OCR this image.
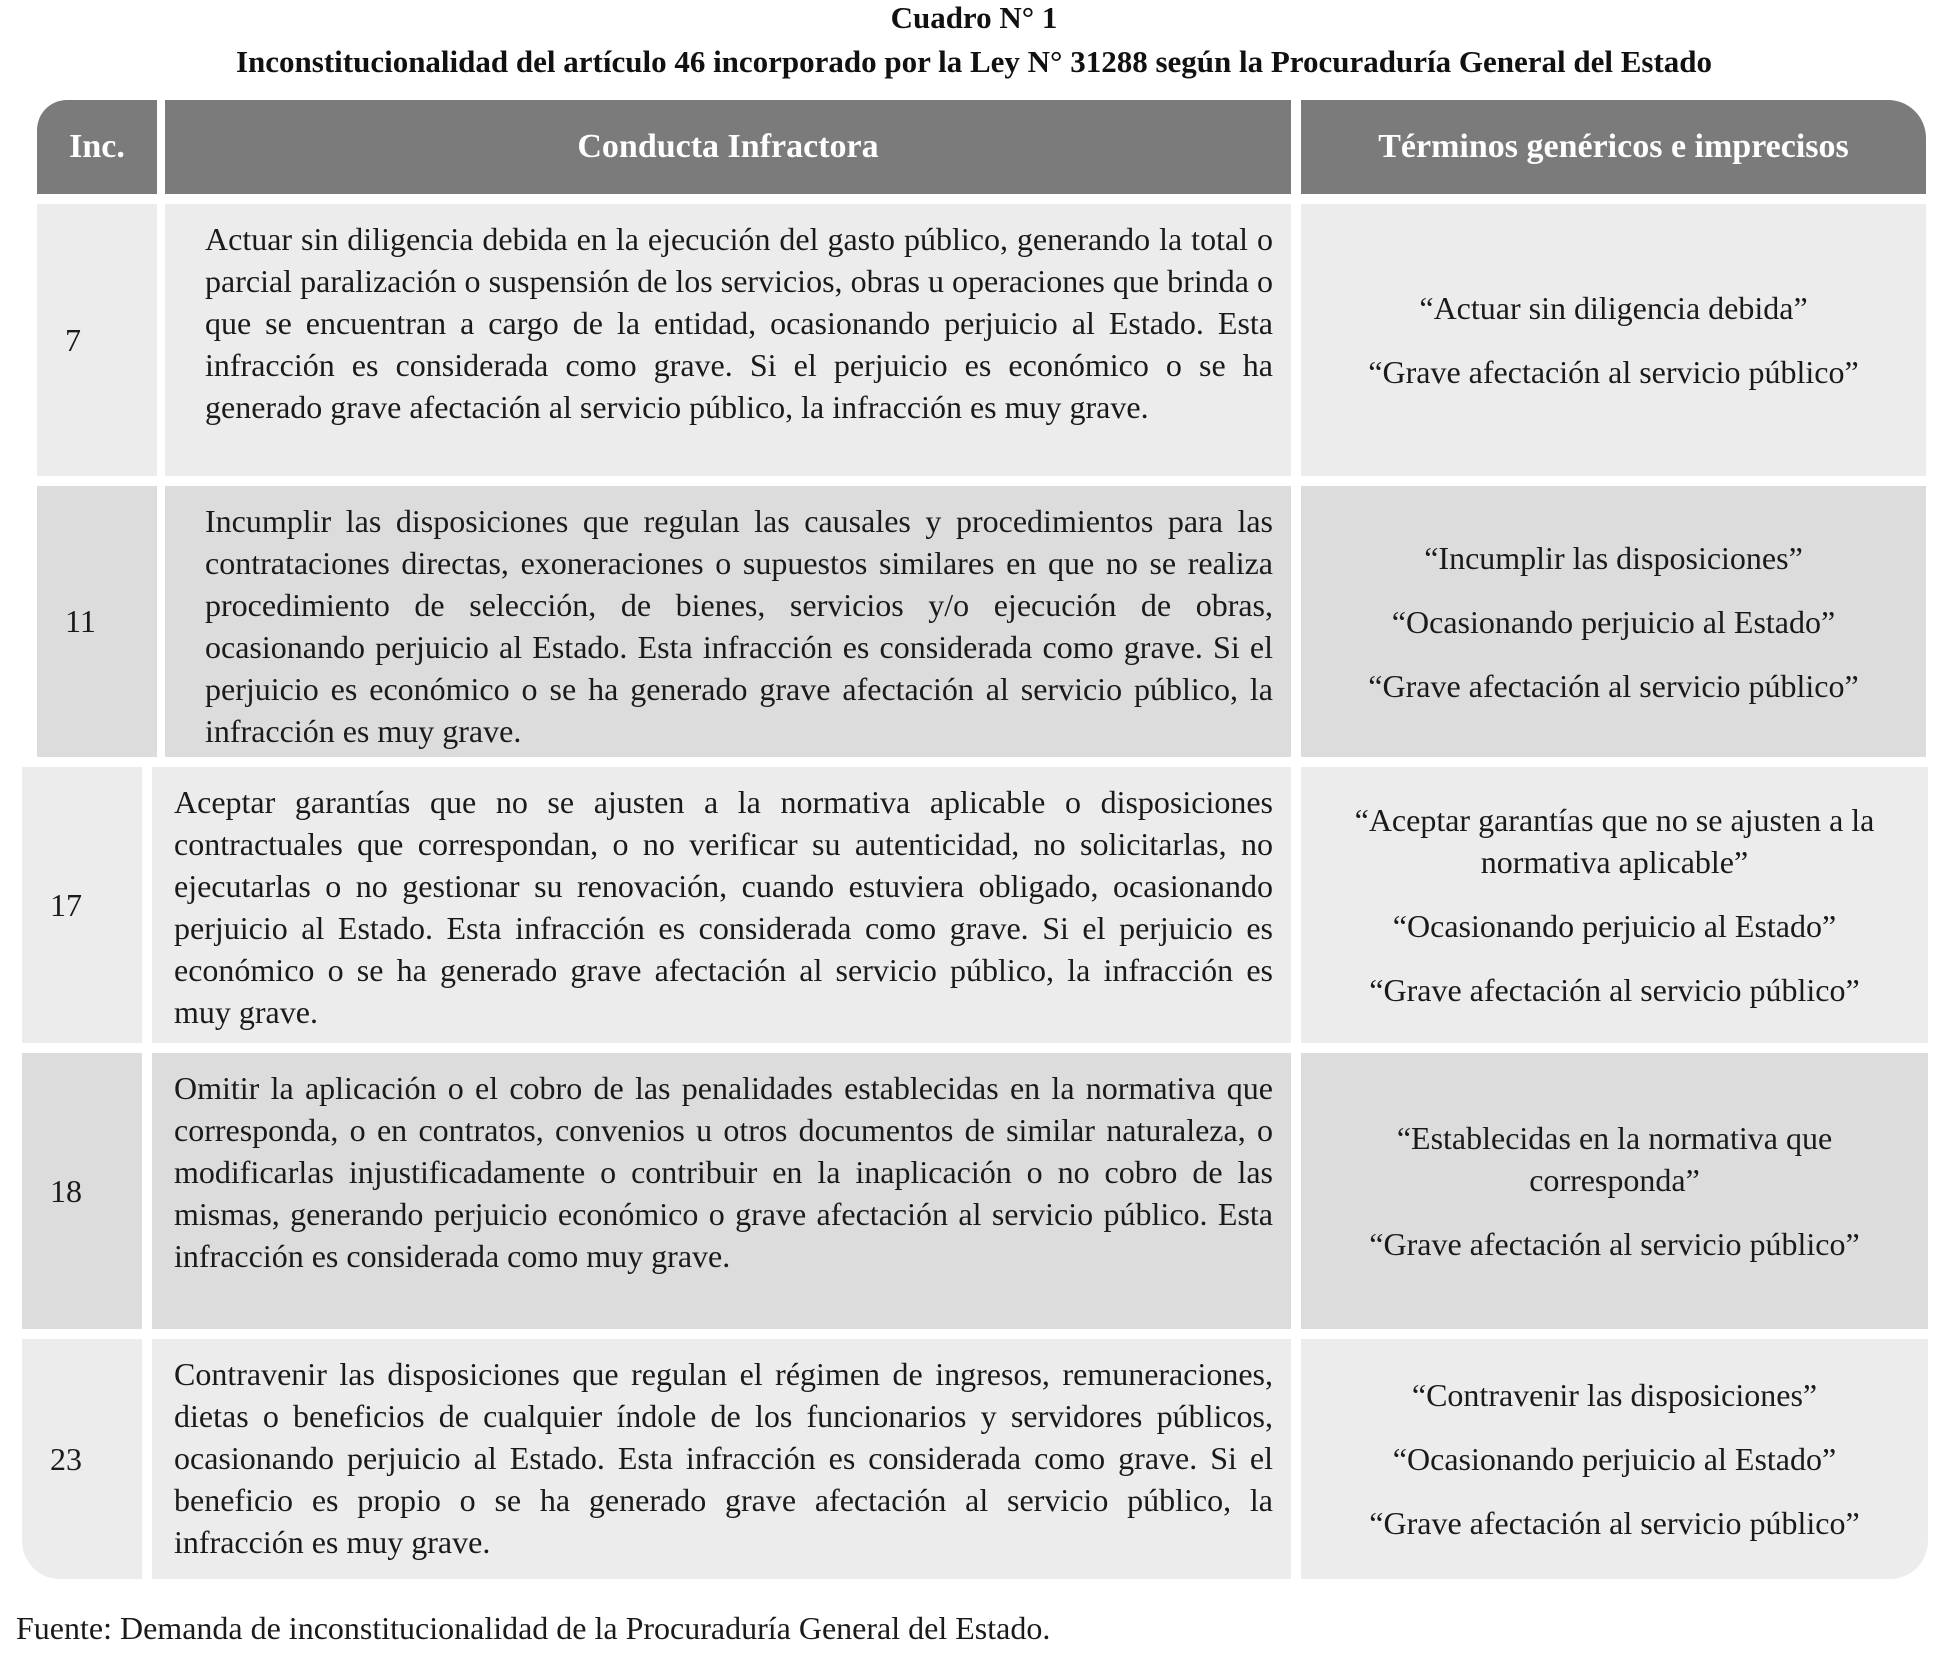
Cuadro N° 1
Inconstitucionalidad del artículo 46 incorporado por la Ley N° 31288 según la Procuraduría General del Estado
Inc.	Conducta Infractora	Términos genéricos e imprecisos
7
Actuar sin diligencia debida en la ejecución del gasto público, generando la total o parcial paralización o suspensión de los servicios, obras u operaciones que brinda o que se encuentran a cargo de la entidad, ocasionando perjuicio al Estado. Esta infracción es considerada como grave. Si el perjuicio es económico o se ha generado grave afectación al servicio público, la infracción es muy grave.
“Actuar sin diligencia debida”
“Grave afectación al servicio público”
11
Incumplir las disposiciones que regulan las causales y procedimientos para las contrataciones directas, exoneraciones o supuestos similares en que no se realiza procedimiento de selección, de bienes, servicios y/o ejecución de obras, ocasionando perjuicio al Estado. Esta infracción es considerada como grave. Si el perjuicio es económico o se ha generado grave afectación al servicio público, la infracción es muy grave.
“Incumplir las disposiciones”
“Ocasionando perjuicio al Estado”
“Grave afectación al servicio público”
17
Aceptar garantías que no se ajusten a la normativa aplicable o disposiciones contractuales que correspondan, o no verificar su autenticidad, no solicitarlas, no ejecutarlas o no gestionar su renovación, cuando estuviera obligado, ocasionando perjuicio al Estado. Esta infracción es considerada como grave. Si el perjuicio es económico o se ha generado grave afectación al servicio público, la infracción es muy grave.
“Aceptar garantías que no se ajusten a la normativa aplicable”
“Ocasionando perjuicio al Estado”
“Grave afectación al servicio público”
18
Omitir la aplicación o el cobro de las penalidades establecidas en la normativa que corresponda, o en contratos, convenios u otros documentos de similar naturaleza, o modificarlas injustificadamente o contribuir en la inaplicación o no cobro de las mismas, generando perjuicio económico o grave afectación al servicio público. Esta infracción es considerada como muy grave.
“Establecidas en la normativa que corresponda”
“Grave afectación al servicio público”
23
Contravenir las disposiciones que regulan el régimen de ingresos, remuneraciones, dietas o beneficios de cualquier índole de los funcionarios y servidores públicos, ocasionando perjuicio al Estado. Esta infracción es considerada como grave. Si el beneficio es propio o se ha generado grave afectación al servicio público, la infracción es muy grave.
“Contravenir las disposiciones”
“Ocasionando perjuicio al Estado”
“Grave afectación al servicio público”
Fuente: Demanda de inconstitucionalidad de la Procuraduría General del Estado.
